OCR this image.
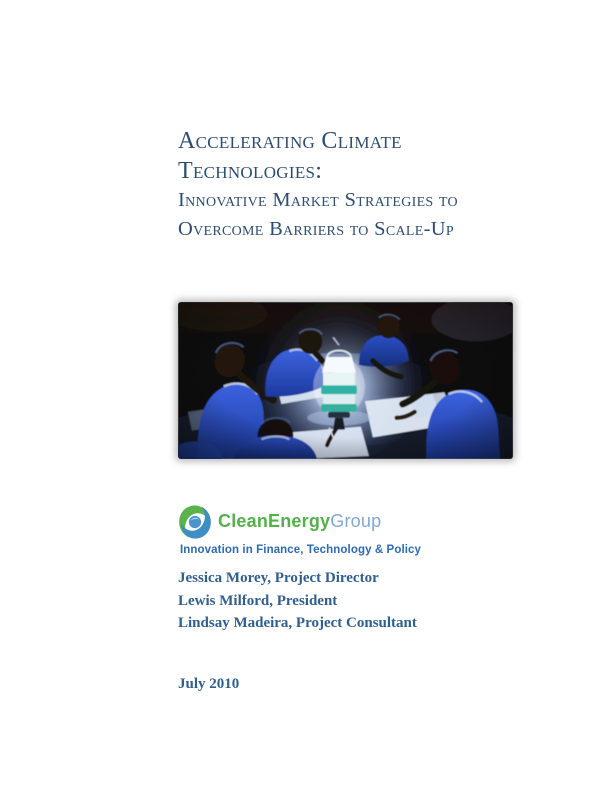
Accelerating Climate
Technologies:
Innovative Market Strategies to
Overcome Barriers to Scale-Up
CleanEnergyGroup
Innovation in Finance, Technology & Policy

Jessica Morey, Project Director

Lewis Milford, President

Lindsay Madeira, Project Consultant

July 2010
